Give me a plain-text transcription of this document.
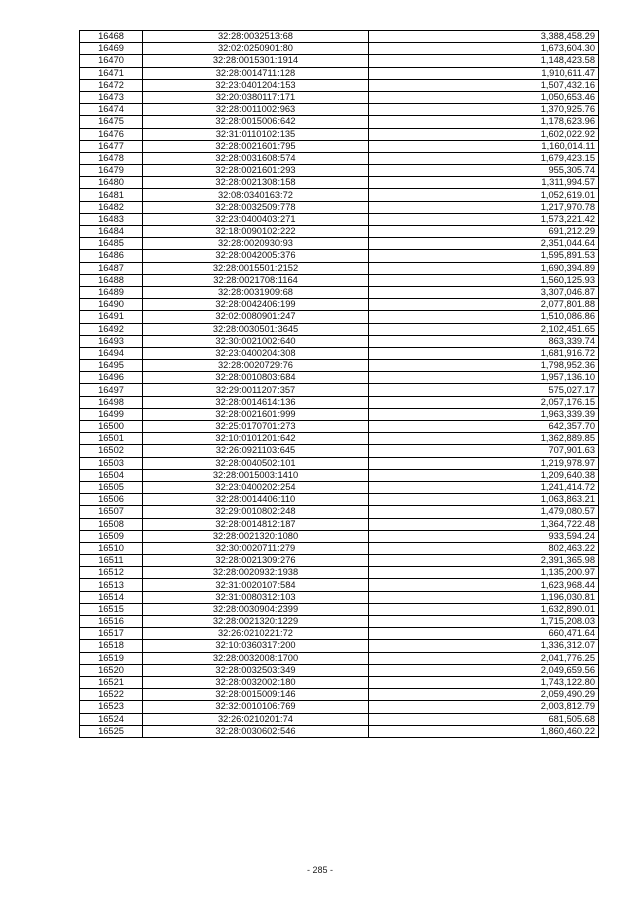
16468	32:28:0032513:68	3,388,458.29
16469	32:02:0250901:80	1,673,604.30
16470	32:28:0015301:1914	1,148,423.58
16471	32:28:0014711:128	1,910,611.47
16472	32:23:0401204:153	1,507,432.16
16473	32:20:0380117:171	1,050,653.46
16474	32:28:0011002:963	1,370,925.76
16475	32:28:0015006:642	1,178,623.96
16476	32:31:0110102:135	1,602,022.92
16477	32:28:0021601:795	1,160,014.11
16478	32:28:0031608:574	1,679,423.15
16479	32:28:0021601:293	955,305.74
16480	32:28:0021308:158	1,311,994.57
16481	32:08:0340163:72	1,052,619.01
16482	32:28:0032509:778	1,217,970.78
16483	32:23:0400403:271	1,573,221.42
16484	32:18:0090102:222	691,212.29
16485	32:28:0020930:93	2,351,044.64
16486	32:28:0042005:376	1,595,891.53
16487	32:28:0015501:2152	1,690,394.89
16488	32:28:0021708:1164	1,560,125.93
16489	32:28:0031909:68	3,307,046.87
16490	32:28:0042406:199	2,077,801.88
16491	32:02:0080901:247	1,510,086.86
16492	32:28:0030501:3645	2,102,451.65
16493	32:30:0021002:640	863,339.74
16494	32:23:0400204:308	1,681,916.72
16495	32:28:0020729:76	1,798,952.36
16496	32:28:0010803:684	1,957,136.10
16497	32:29:0011207:357	575,027.17
16498	32:28:0014614:136	2,057,176.15
16499	32:28:0021601:999	1,963,339.39
16500	32:25:0170701:273	642,357.70
16501	32:10:0101201:642	1,362,889.85
16502	32:26:0921103:645	707,901.63
16503	32:28:0040502:101	1,219,978.97
16504	32:28:0015003:1410	1,209,640.38
16505	32:23:0400202:254	1,241,414.72
16506	32:28:0014406:110	1,063,863.21
16507	32:29:0010802:248	1,479,080.57
16508	32:28:0014812:187	1,364,722.48
16509	32:28:0021320:1080	933,594.24
16510	32:30:0020711:279	802,463.22
16511	32:28:0021309:276	2,391,365.98
16512	32:28:0020932:1938	1,135,200.97
16513	32:31:0020107:584	1,623,968.44
16514	32:31:0080312:103	1,196,030.81
16515	32:28:0030904:2399	1,632,890.01
16516	32:28:0021320:1229	1,715,208.03
16517	32:26:0210221:72	660,471.64
16518	32:10:0360317:200	1,336,312.07
16519	32:28:0032008:1700	2,041,776.25
16520	32:28:0032503:349	2,049,659.56
16521	32:28:0032002:180	1,743,122.80
16522	32:28:0015009:146	2,059,490.29
16523	32:32:0010106:769	2,003,812.79
16524	32:26:0210201:74	681,505.68
16525	32:28:0030602:546	1,860,460.22
- 285 -
